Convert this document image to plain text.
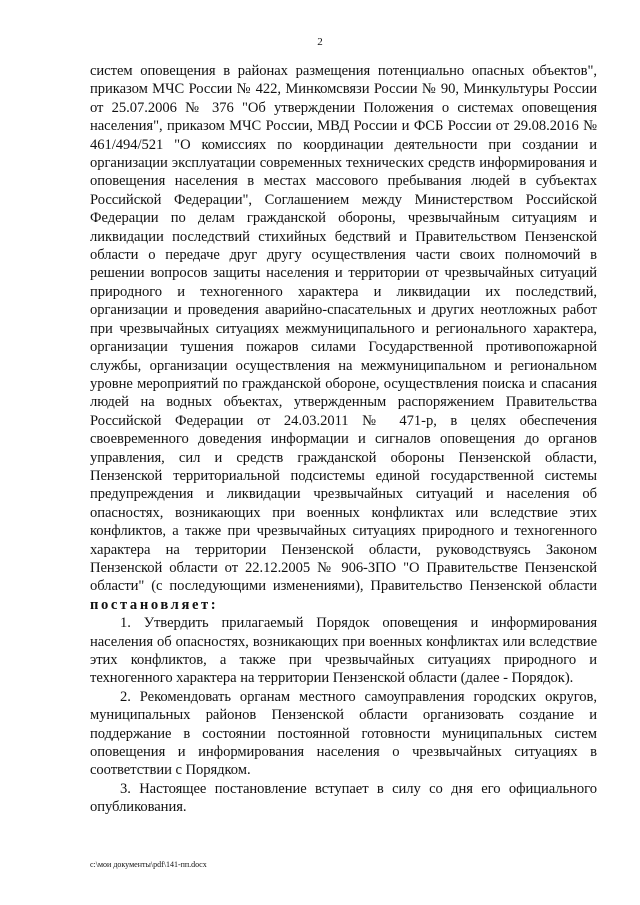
2

систем оповещения в районах размещения потенциально опасных объектов", приказом МЧС России № 422, Минкомсвязи России № 90, Минкультуры России от 25.07.2006 № 376 "Об утверждении Положения о системах оповещения населения", приказом МЧС России, МВД России и ФСБ России от 29.08.2016 № 461/494/521 "О комиссиях по координации деятельности при создании и организации эксплуатации современных технических средств информирования и оповещения населения в местах массового пребывания людей в субъектах Российской Федерации", Соглашением между Министерством Российской Федерации по делам гражданской обороны, чрезвычайным ситуациям и ликвидации последствий стихийных бедствий и Правительством Пензенской области о передаче друг другу осуществления части своих полномочий в решении вопросов защиты населения и территории от чрезвычайных ситуаций природного и техногенного характера и ликвидации их последствий, организации и проведения аварийно-спасательных и других неотложных работ при чрезвычайных ситуациях межмуниципального и регионального характера, организации тушения пожаров силами Государственной противопожарной службы, организации осуществления на межмуниципальном и региональном уровне мероприятий по гражданской обороне, осуществления поиска и спасания людей на водных объектах, утвержденным распоряжением Правительства Российской Федерации от 24.03.2011 № 471-р, в целях обеспечения своевременного доведения информации и сигналов оповещения до органов управления, сил и средств гражданской обороны Пензенской области, Пензенской территориальной подсистемы единой государственной системы предупреждения и ликвидации чрезвычайных ситуаций и населения об опасностях, возникающих при военных конфликтах или вследствие этих конфликтов, а также при чрезвычайных ситуациях природного и техногенного характера на территории Пензенской области, руководствуясь Законом Пензенской области от 22.12.2005 № 906-ЗПО "О Правительстве Пензенской области" (с последующими изменениями), Правительство Пензенской области постановляет:

1. Утвердить прилагаемый Порядок оповещения и информирования населения об опасностях, возникающих при военных конфликтах или вследствие этих конфликтов, а также при чрезвычайных ситуациях природного и техногенного характера на территории Пензенской области (далее - Порядок).

2. Рекомендовать органам местного самоуправления городских округов, муниципальных районов Пензенской области организовать создание и поддержание в состоянии постоянной готовности муниципальных систем оповещения и информирования населения о чрезвычайных ситуациях в соответствии с Порядком.

3. Настоящее постановление вступает в силу со дня его официального опубликования.

c:\мои документы\pdf\141-пп.docx
